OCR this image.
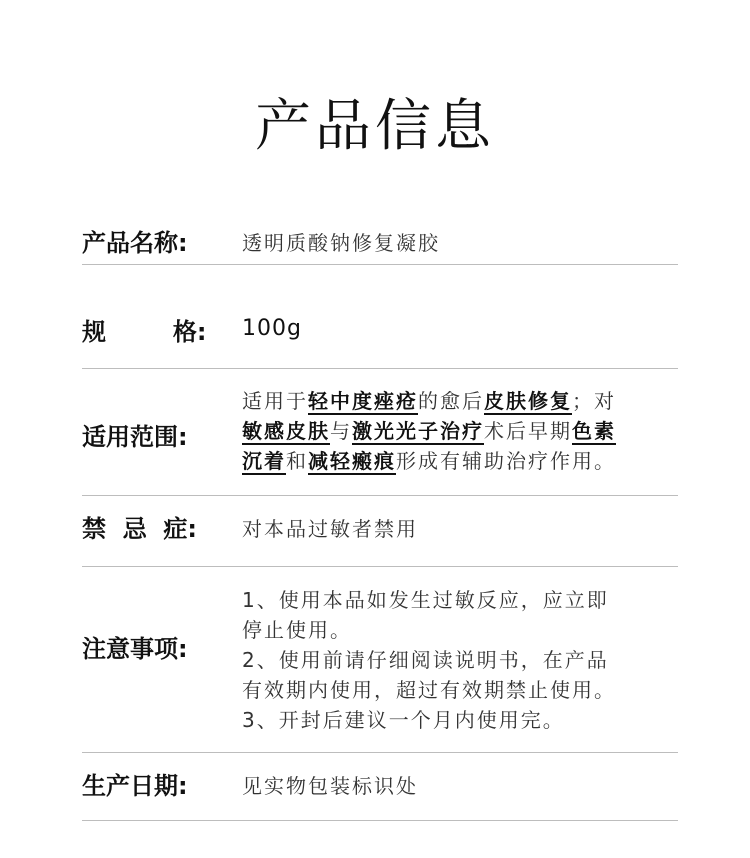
产品信息
产品名称:	透明质酸钠修复凝胶
规        格: 100g
适用范围:
适用于轻中度痤疮的愈后皮肤修复；对
敏感皮肤与激光光子治疗术后早期色素
沉着和减轻瘢痕形成有辅助治疗作用。
禁  忌  症: 对本品过敏者禁用
注意事项:
1、使用本品如发生过敏反应，应立即
停止使用。
2、使用前请仔细阅读说明书，在产品
有效期内使用，超过有效期禁止使用。
3、开封后建议一个月内使用完。
生产日期:	见实物包装标识处
